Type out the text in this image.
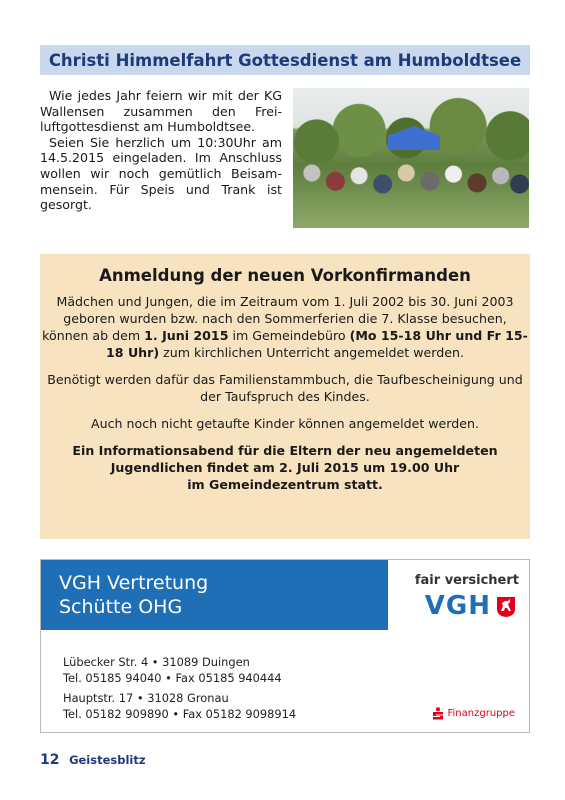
Christi Himmelfahrt Gottesdienst am Humboldtsee

Wie jedes Jahr feiern wir mit der KG Wallensen zusammen den Frei-luftgottesdienst am Humboldtsee.

Seien Sie herzlich um 10:30Uhr am 14.5.2015 eingeladen. Im Anschluss wollen wir noch gemütlich Beisam-mensein. Für Speis und Trank ist gesorgt.

Anmeldung der neuen Vorkonfirmanden

Mädchen und Jungen, die im Zeitraum vom 1. Juli 2002 bis 30. Juni 2003 geboren wurden bzw. nach den Sommerferien die 7. Klasse besuchen, können ab dem 1. Juni 2015 im Gemeindebüro (Mo 15-18 Uhr und Fr 15-18 Uhr) zum kirchlichen Unterricht angemeldet werden.

Benötigt werden dafür das Familienstammbuch, die Taufbescheinigung und der Taufspruch des Kindes.

Auch noch nicht getaufte Kinder können angemeldet werden.

Ein Informationsabend für die Eltern der neu angemeldeten
Jugendlichen findet am 2. Juli 2015 um 19.00 Uhr
im Gemeindezentrum statt.

VGH Vertretung
Schütte OHG
fair versichert
VGH
Lübecker Str. 4 • 31089 Duingen
Tel. 05185 94040 • Fax 05185 940444
Hauptstr. 17 • 31028 Gronau
Tel. 05182 909890 • Fax 05182 9098914	Finanzgruppe
12 Geistesblitz
